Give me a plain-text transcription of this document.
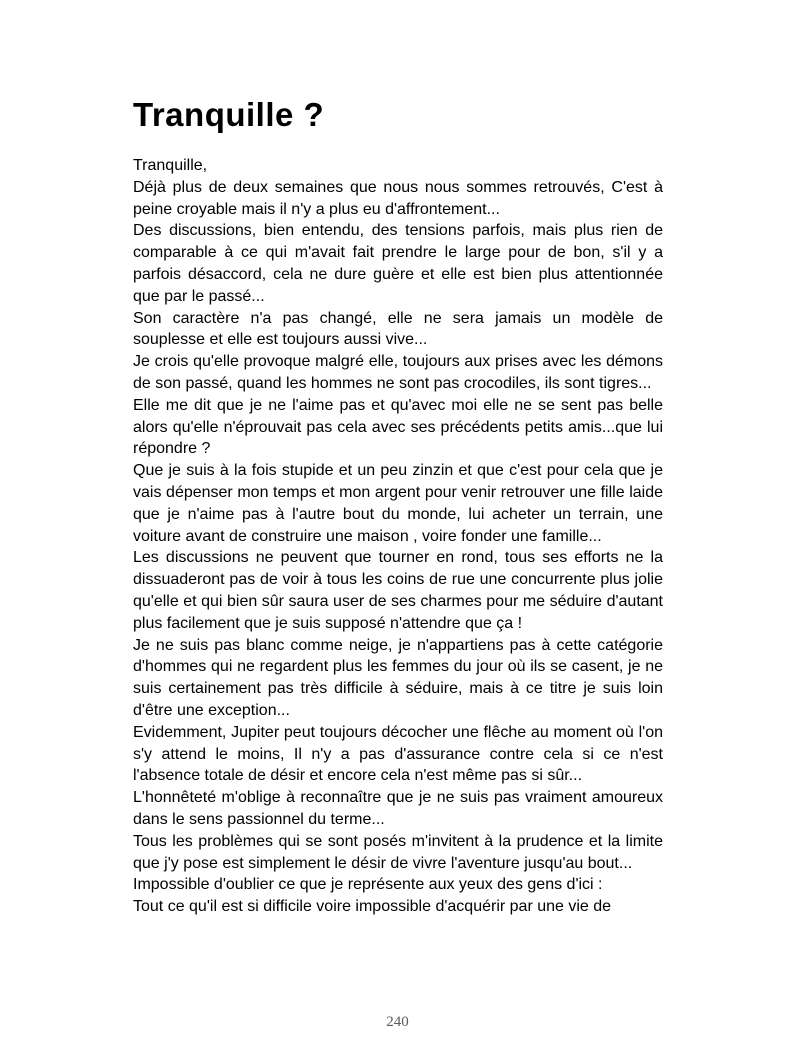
Tranquille ?

Tranquille,

Déjà plus de deux semaines que nous nous sommes retrouvés, C'est à peine croyable mais il n'y a plus eu d'affrontement...

Des discussions, bien entendu, des tensions parfois, mais plus rien de comparable à ce qui m'avait fait prendre le large pour de bon, s'il y a parfois désaccord, cela ne dure guère et elle est bien plus attentionnée que par le passé...

Son caractère n'a pas changé, elle ne sera jamais un modèle de souplesse et elle est toujours aussi vive...

Je crois qu'elle provoque malgré elle, toujours aux prises avec les démons de son passé, quand les hommes ne sont pas crocodiles, ils sont tigres...

Elle me dit que je ne l'aime pas et qu'avec moi elle ne se sent pas belle alors qu'elle n'éprouvait pas cela avec ses précédents petits amis...que lui répondre ?

Que je suis à la fois stupide et un peu zinzin et que c'est pour cela que je vais dépenser mon temps et mon argent pour venir retrouver une fille laide que je n'aime pas à l'autre bout du monde, lui acheter un terrain, une voiture avant de construire une maison , voire fonder une famille...

Les discussions ne peuvent que tourner en rond, tous ses efforts ne la dissuaderont pas de voir à tous les coins de rue une concurrente plus jolie qu'elle et qui bien sûr saura user de ses charmes pour me séduire d'autant plus facilement que je suis supposé n'attendre que ça !

Je ne suis pas blanc comme neige, je n'appartiens pas à cette catégorie d'hommes qui ne regardent plus les femmes du jour où ils se casent, je ne suis certainement pas très difficile à séduire, mais à ce titre je suis loin d'être une exception...

Evidemment, Jupiter peut toujours décocher une flêche au moment où l'on s'y attend le moins, Il n'y a pas d'assurance contre cela si ce n'est l'absence totale de désir et encore cela n'est même pas si sûr...

L'honnêteté m'oblige à reconnaître que je ne suis pas vraiment amoureux dans le sens passionnel du terme...

Tous les problèmes qui se sont posés m'invitent à la prudence et la limite que j'y pose est simplement le désir de vivre l'aventure jusqu'au bout...

Impossible d'oublier ce que je représente aux yeux des gens d'ici :

Tout ce qu'il est si difficile voire impossible d'acquérir par une vie de

240
